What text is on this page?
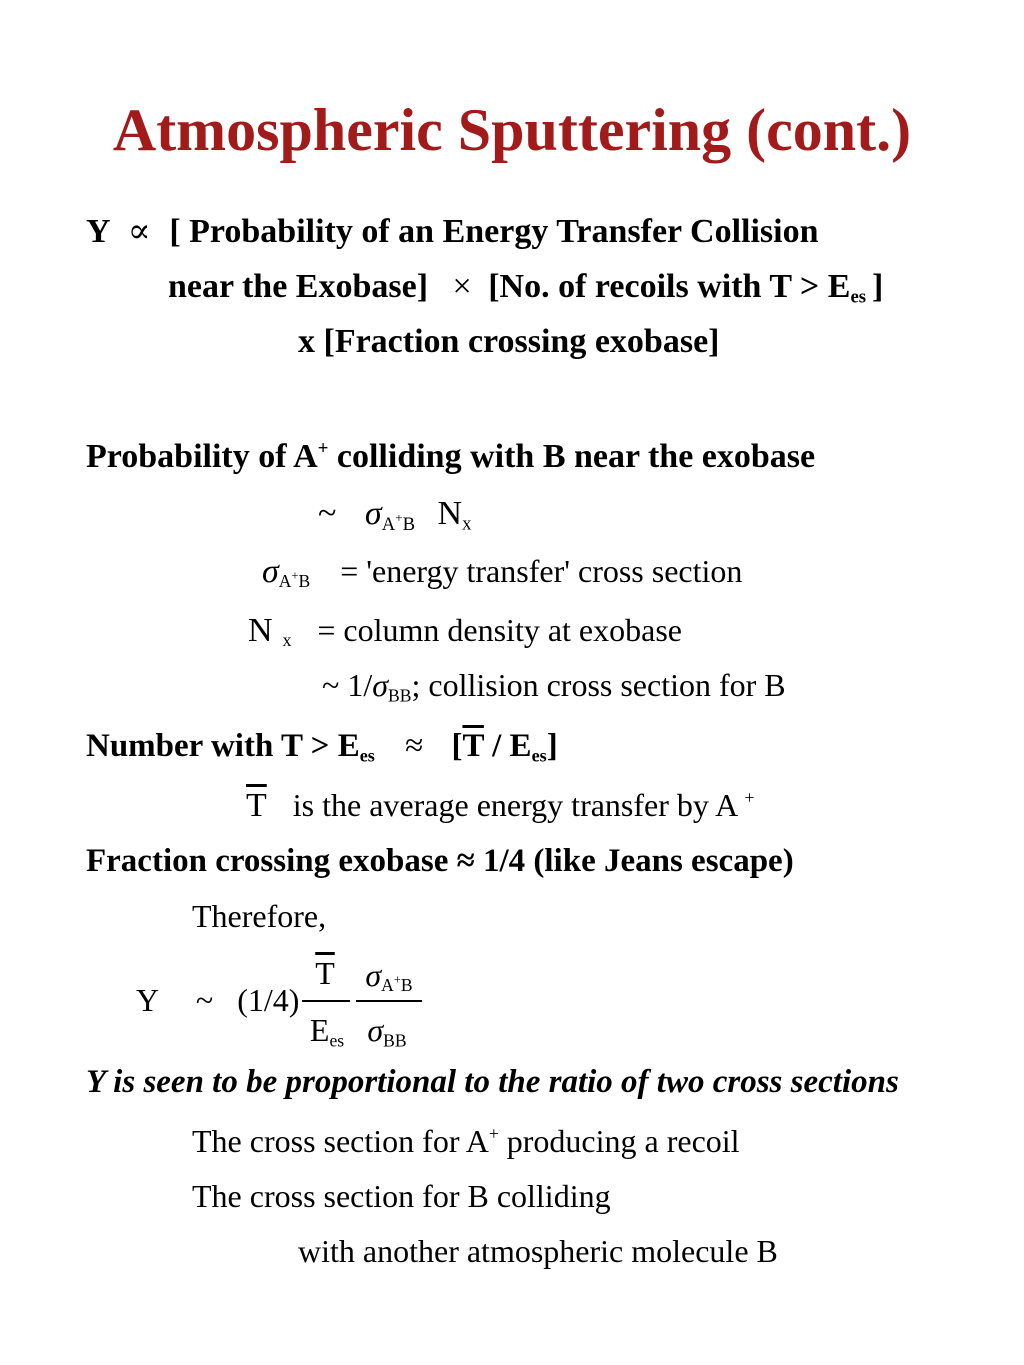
Atmospheric Sputtering (cont.)
Y ∝ [ Probability of an Energy Transfer Collision
near the Exobase] × [No. of recoils with $T > E_{es}$ ]
x [Fraction crossing exobase]
Probability of A+ colliding with B near the exobase
~ $\sigma_{A^+B}$ $N_x$
$\sigma_{A^+B}$ = 'energy transfer' cross section
N $_x$ = column density at exobase
~ $1/\sigma_{BB}$; collision cross section for B
Number with $T > E_{es} \approx [\overline{T} / E_{es}]$
$\overline{T}$ is the average energy transfer by A +
Fraction crossing exobase ≈ 1/4 (like Jeans escape)
Therefore,
Y ~ (1/4)
$\overline{T}$
$E_{es}$
$\sigma_{A^+B}$
$\sigma_{BB}$
Y is seen to be proportional to the ratio of two cross sections
The cross section for A+ producing a recoil
The cross section for B colliding
with another atmospheric molecule B
